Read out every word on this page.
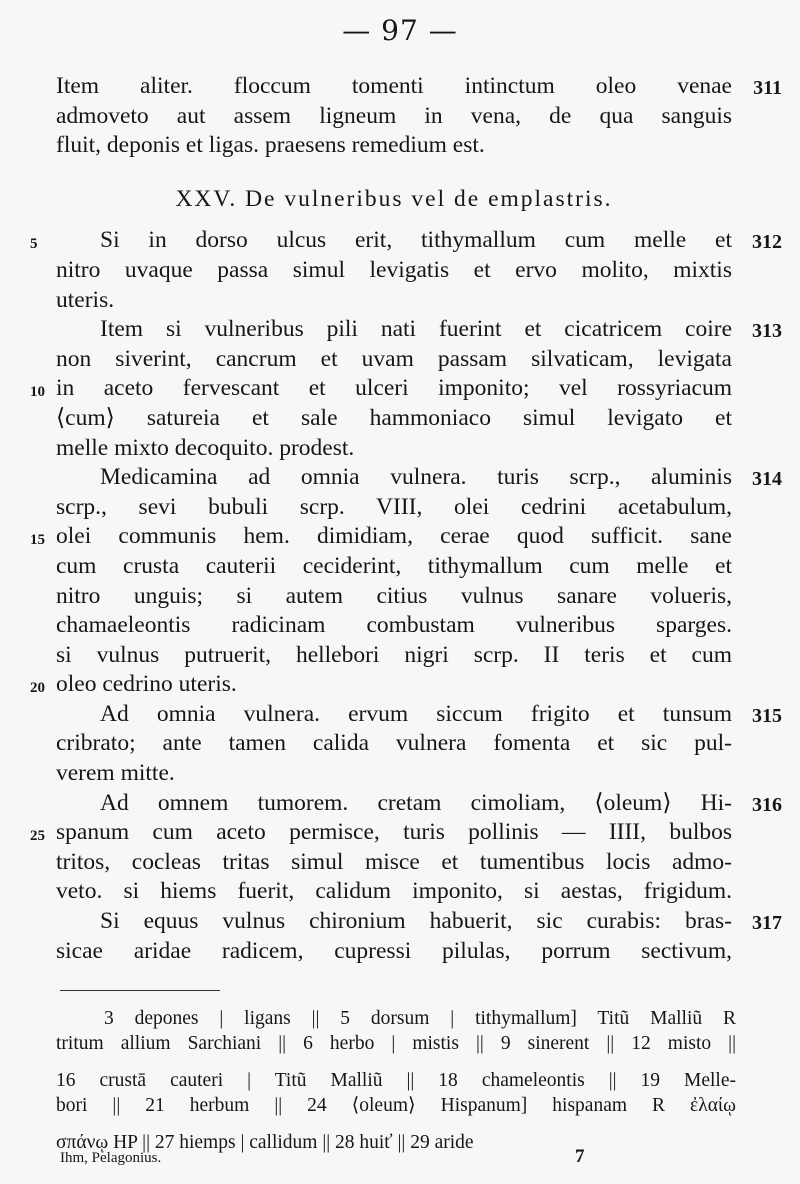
— 97 —
Item aliter. floccum tomenti intinctum oleo venae 311
admoveto aut assem ligneum in vena, de qua sanguis
fluit, deponis et ligas. praesens remedium est.
XXV. De vulneribus vel de emplastris.
Si in dorso ulcus erit, tithymallum cum melle et
5	312
nitro uvaque passa simul levigatis et ervo molito, mixtis
uteris.
Item si vulneribus pili nati fuerint et cicatricem coire 313
non siverint, cancrum et uvam passam silvaticam, levigata
in aceto fervescant et ulceri imponito; vel rossyriacum
10
⟨cum⟩ satureia et sale hammoniaco simul levigato et
melle mixto decoquito. prodest.
Medicamina ad omnia vulnera. turis scrp., aluminis 314
scrp., sevi bubuli scrp. VIII, olei cedrini acetabulum,
olei communis hem. dimidiam, cerae quod sufficit. sane
15
cum crusta cauterii ceciderint, tithymallum cum melle et
nitro unguis; si autem citius vulnus sanare volueris,
chamaeleontis radicinam combustam vulneribus sparges.
si vulnus putruerit, hellebori nigri scrp. II teris et cum
oleo cedrino uteris.
20
Ad omnia vulnera. ervum siccum frigito et tunsum 315
cribrato; ante tamen calida vulnera fomenta et sic pul-
verem mitte.
Ad omnem tumorem. cretam cimoliam, ⟨oleum⟩ Hi- 316
spanum cum aceto permisce, turis pollinis — IIII, bulbos
25
tritos, cocleas tritas simul misce et tumentibus locis admo-
veto. si hiems fuerit, calidum imponito, si aestas, frigidum.
Si equus vulnus chironium habuerit, sic curabis: bras- 317
sicae aridae radicem, cupressi pilulas, porrum sectivum,
3 depones | ligans || 5 dorsum | tithymallum] Titũ Malliũ R
tritum allium Sarchiani || 6 herbo | mistis || 9 sinerent || 12 misto ||
16 crustā cauteri | Titũ Malliũ || 18 chameleontis || 19 Melle-
bori || 21 herbum || 24 ⟨oleum⟩ Hispanum] hispanam R ἐλαίῳ
σπάνῳ HP || 27 hiemps | callidum || 28 huiť || 29 aride
Ihm, Pelagonius.	7
